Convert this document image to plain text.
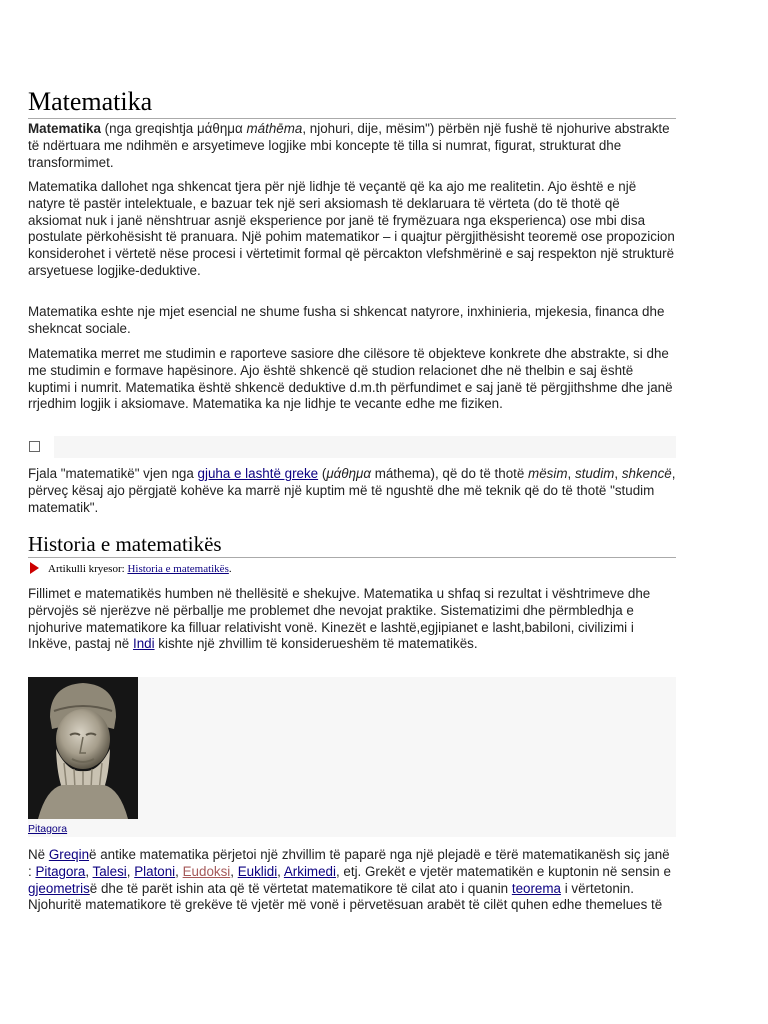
Matematika

Matematika (nga greqishtja μάθημα máthēma, njohuri, dije, mësim") përbën një fushë të njohurive abstrakte të ndërtuara me ndihmën e arsyetimeve logjike mbi koncepte të tilla si numrat, figurat, strukturat dhe transformimet.

Matematika dallohet nga shkencat tjera për një lidhje të veçantë që ka ajo me realitetin. Ajo është e një natyre të pastër intelektuale, e bazuar tek një seri aksiomash të deklaruara të vërteta (do të thotë që aksiomat nuk i janë nënshtruar asnjë eksperience por janë të frymëzuara nga eksperienca) ose mbi disa postulate përkohësisht të pranuara. Një pohim matematikor – i quajtur përgjithësisht teoremë ose propozicion konsiderohet i vërtetë nëse procesi i vërtetimit formal që përcakton vlefshmërinë e saj respekton një strukturë arsyetuese logjike-deduktive.

Matematika eshte nje mjet esencial ne shume fusha si shkencat natyrore, inxhinieria, mjekesia, financa dhe shekncat sociale.

Matematika merret me studimin e raporteve sasiore dhe cilësore të objekteve konkrete dhe abstrakte, si dhe me studimin e formave hapësinore. Ajo është shkencë që studion relacionet dhe në thelbin e saj është kuptimi i numrit. Matematika është shkencë deduktive d.m.th përfundimet e saj janë të përgjithshme dhe janë rrjedhim logjik i aksiomave. Matematika ka nje lidhje te vecante edhe me fiziken.

Fjala "matematikë" vjen nga gjuha e lashtë greke (μάθημα máthema), që do të thotë mësim, studim, shkencë, përveç kësaj ajo përgjatë kohëve ka marrë një kuptim më të ngushtë dhe më teknik që do të thotë "studim matematik".

Historia e matematikës
Artikulli kryesor: Historia e matematikës.

Fillimet e matematikës humben në thellësitë e shekujve. Matematika u shfaq si rezultat i vështrimeve dhe përvojës së njerëzve në përballje me problemet dhe nevojat praktike. Sistematizimi dhe përmbledhja e njohurive matematikore ka filluar relativisht vonë. Kinezët e lashtë,egjipianet e lasht,babiloni, civilizimi i Inkëve, pastaj në Indi kishte një zhvillim të konsiderueshëm të matematikës.

Pitagora

Në Greqinë antike matematika përjetoi një zhvillim të paparë nga një plejadë e tërë matematikanësh siç janë : Pitagora, Talesi, Platoni, Eudoksi, Euklidi, Arkimedi, etj. Grekët e vjetër matematikën e kuptonin në sensin e gjeometrisë dhe të parët ishin ata që të vërtetat matematikore të cilat ato i quanin teorema i vërtetonin. Njohuritë matematikore të grekëve të vjetër më vonë i përvetësuan arabët të cilët quhen edhe themelues të
